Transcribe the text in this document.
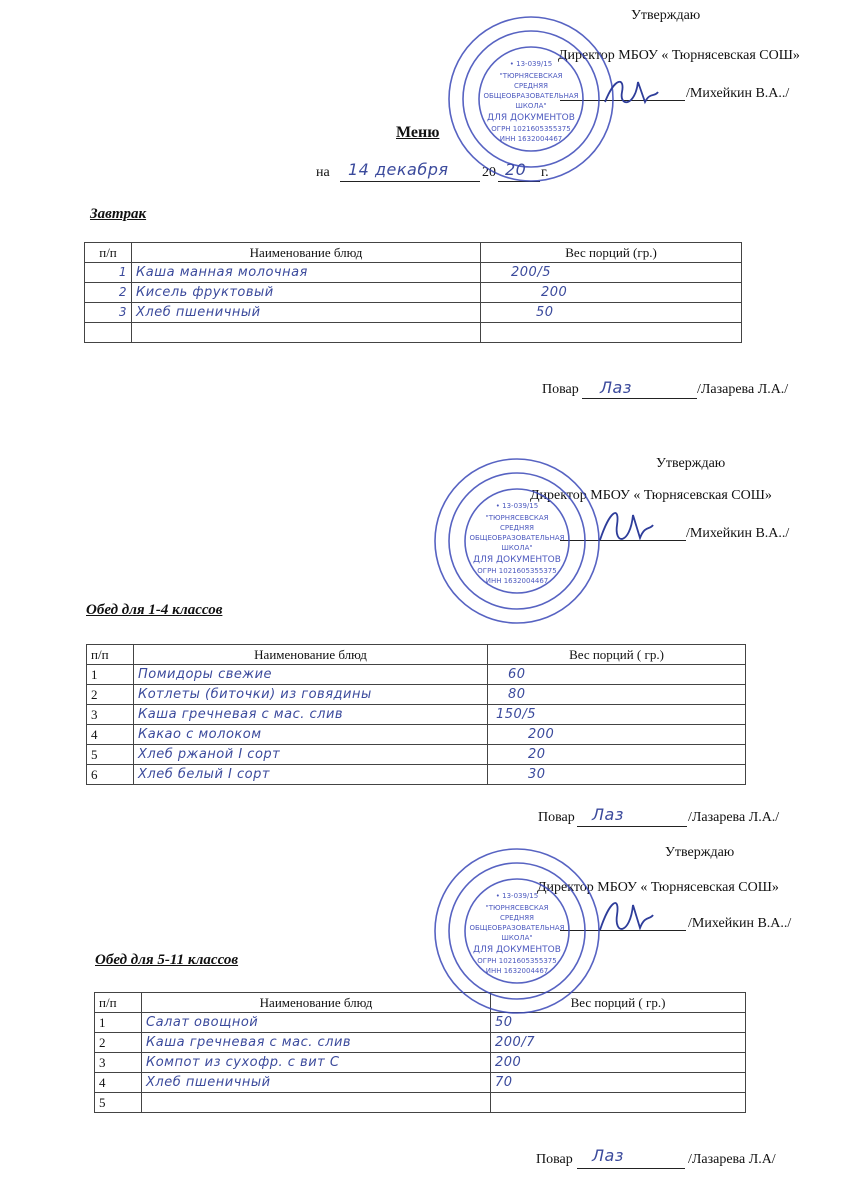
Утверждаю
Директор МБОУ « Тюрнясевская СОШ»
/Михейкин В.А../
Меню
на 14 декабря 20 20 г.
Завтрак
п/п	Наименование блюд	Вес порций (гр.)
1	Каша манная молочная	200/5
2	Кисель фруктовый	200
3	Хлеб пшеничный	50

Повар Лаз	/Лазарева Л.А./
Утверждаю
Директор МБОУ « Тюрнясевская СОШ»
/Михейкин В.А../
Обед для 1-4 классов
п/п	Наименование блюд	Вес порций ( гр.)
1	Помидоры свежие	60
2	Котлеты (биточки) из говядины	80
3	Каша гречневая с мас. слив	150/5
4	Какао с молоком	200
5	Хлеб ржаной I сорт	20
6	Хлеб белый I сорт	30
Повар Лаз	/Лазарева Л.А./
Утверждаю
Директор МБОУ « Тюрнясевская СОШ»
/Михейкин В.А../
Обед для 5-11 классов
п/п	Наименование блюд	Вес порций ( гр.)
1	Салат овощной	50
2	Каша гречневая с мас. слив	200/7
3	Компот из сухофр. с вит С	200
4	Хлеб пшеничный	70
5		
Повар Лаз	/Лазарева Л.А/
• 13-039/15
"ТЮРНЯСЕВСКАЯ
СРЕДНЯЯ
ОБЩЕОБРАЗОВАТЕЛЬНАЯ
ШКОЛА"
ДЛЯ ДОКУМЕНТОВ
ОГРН 1021605355375
ИНН 1632004467
• 13-039/15
"ТЮРНЯСЕВСКАЯ
СРЕДНЯЯ
ОБЩЕОБРАЗОВАТЕЛЬНАЯ
ШКОЛА"
ДЛЯ ДОКУМЕНТОВ
ОГРН 1021605355375
ИНН 1632004467
• 13-039/15
"ТЮРНЯСЕВСКАЯ
СРЕДНЯЯ
ОБЩЕОБРАЗОВАТЕЛЬНАЯ
ШКОЛА"
ДЛЯ ДОКУМЕНТОВ
ОГРН 1021605355375
ИНН 1632004467
